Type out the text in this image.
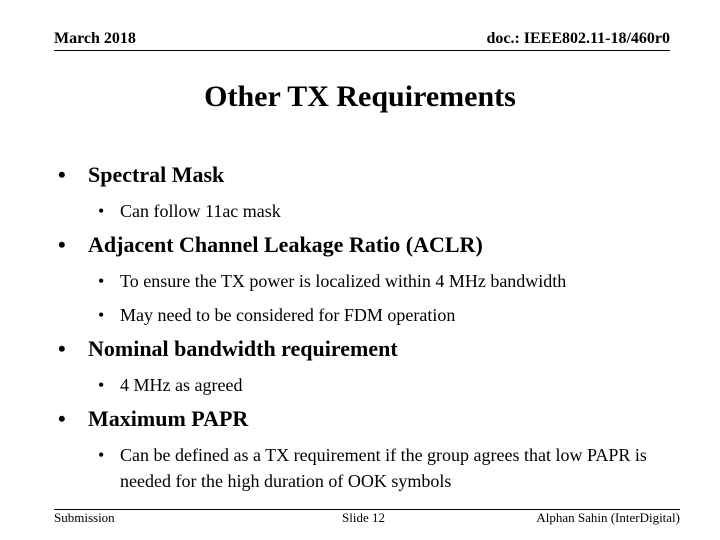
March 2018	doc.: IEEE802.11-18/460r0
Other TX Requirements
•	Spectral Mask
• Can follow 11ac mask
•	Adjacent Channel Leakage Ratio (ACLR)
• To ensure the TX power is localized within 4 MHz bandwidth
• May need to be considered for FDM operation
•	Nominal bandwidth requirement
• 4 MHz as agreed
•	Maximum PAPR
• Can be defined as a TX requirement if the group agrees that low PAPR is needed for the high duration of OOK symbols
Submission	Slide 12	Alphan Sahin (InterDigital)
